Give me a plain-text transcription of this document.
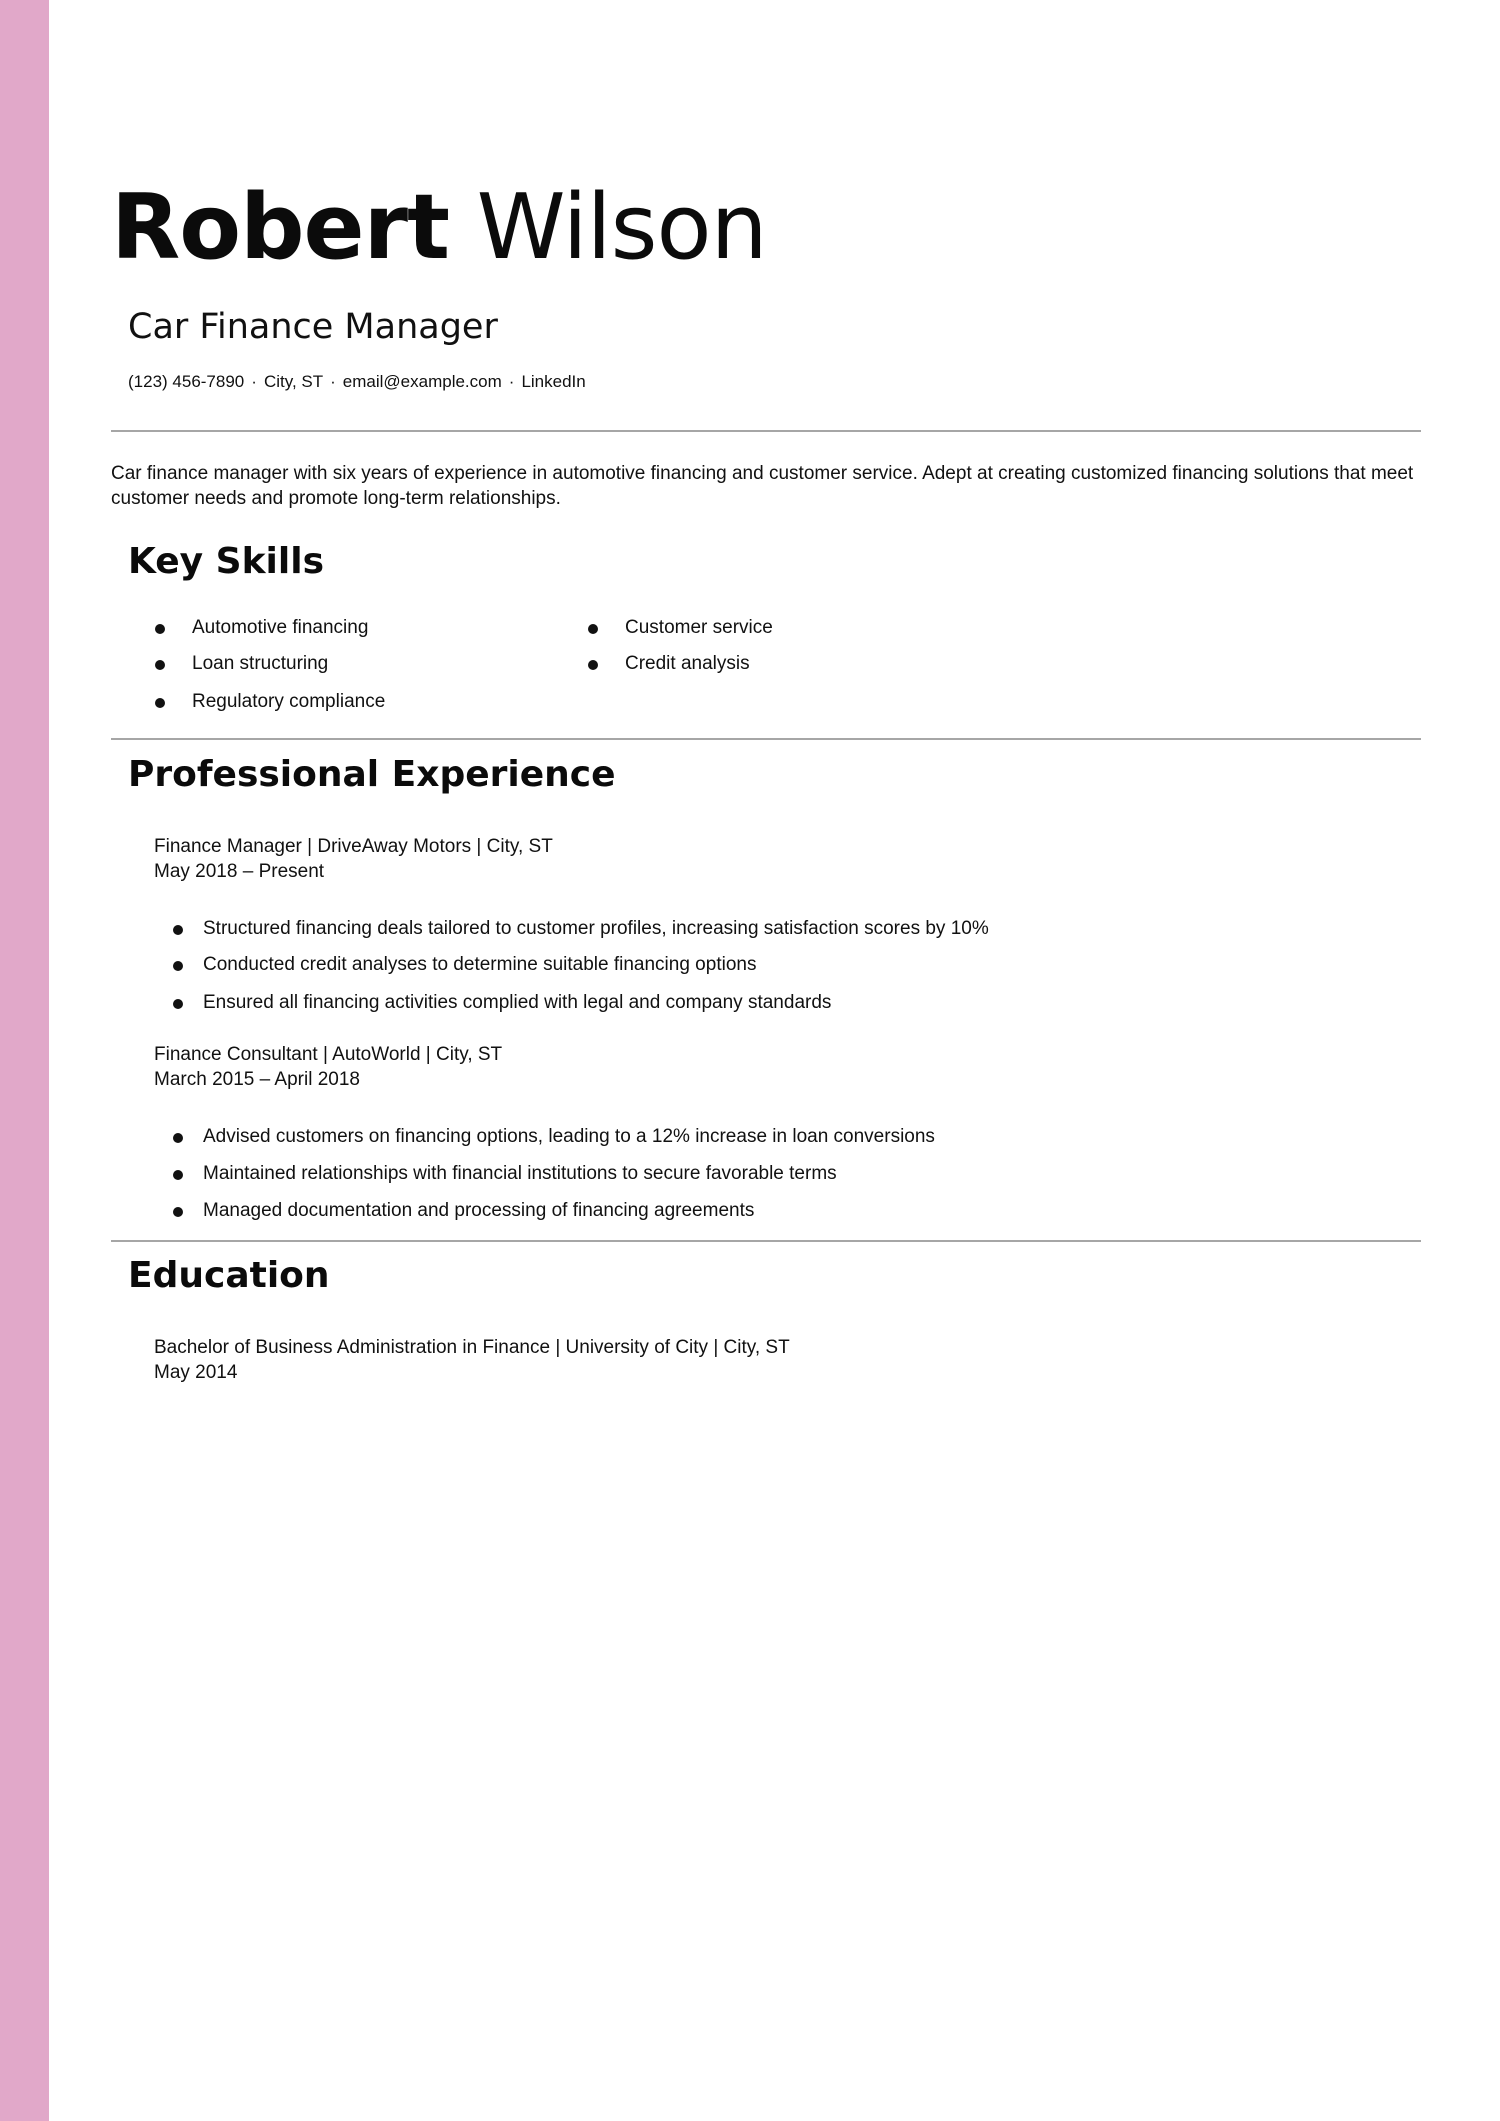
Robert Wilson
Car Finance Manager
(123) 456-7890 · City, ST · email@example.com · LinkedIn
Car finance manager with six years of experience in automotive financing and customer service. Adept at creating customized financing solutions that meet customer needs and promote long-term relationships.
Key Skills
Automotive financing	Customer service
Loan structuring	Credit analysis
Regulatory compliance
Professional Experience
Finance Manager | DriveAway Motors | City, ST
May 2018 – Present
Structured financing deals tailored to customer profiles, increasing satisfaction scores by 10%
Conducted credit analyses to determine suitable financing options
Ensured all financing activities complied with legal and company standards
Finance Consultant | AutoWorld | City, ST
March 2015 – April 2018
Advised customers on financing options, leading to a 12% increase in loan conversions
Maintained relationships with financial institutions to secure favorable terms
Managed documentation and processing of financing agreements
Education
Bachelor of Business Administration in Finance | University of City | City, ST
May 2014
